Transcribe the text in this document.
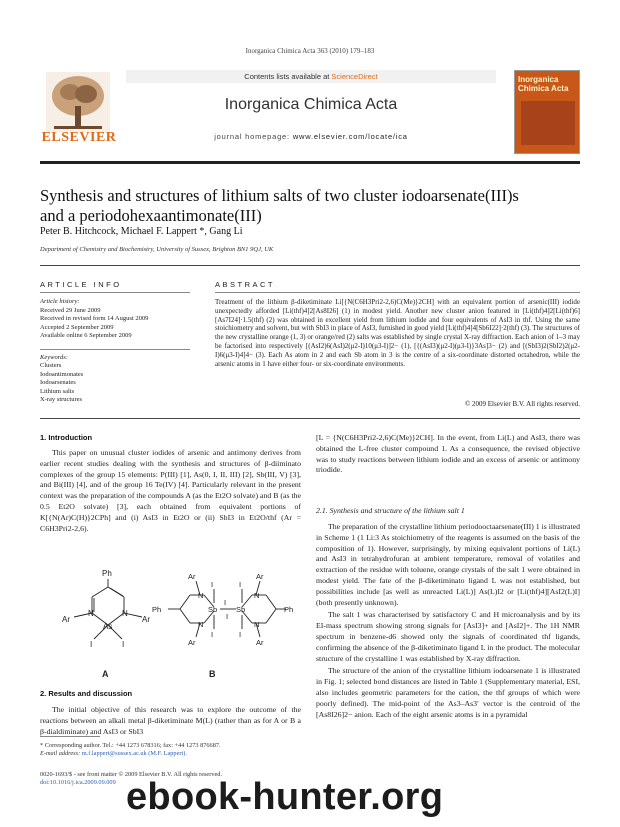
Inorganica Chimica Acta 363 (2010) 179–183
ELSEVIER
Contents lists available at ScienceDirect
Inorganica Chimica Acta
journal homepage: www.elsevier.com/locate/ica
Inorganica Chimica Acta
Synthesis and structures of lithium salts of two cluster iodoarsenate(III)s
and a periodohexaantimonate(III)
Peter B. Hitchcock, Michael F. Lappert *, Gang Li
Department of Chemistry and Biochemistry, University of Sussex, Brighton BN1 9QJ, UK
ARTICLE INFO	ABSTRACT
Article history:
Received 29 June 2009
Received in revised form 14 August 2009
Accepted 2 September 2009
Available online 6 September 2009
Keywords:
Clusters
Iodoantimonates
Iodoarsenates
Lithium salts
X-ray structures
Treatment of the lithium β-diketiminate Li[{N(C6H3Pri2-2,6)C(Me)}2CH] with an equivalent portion of arsenic(III) iodide unexpectedly afforded [Li(thf)4]2[As8I26] (1) in modest yield. Another new cluster anion featured in [Li(thf)4]2[Li(thf)6][As7I24]·1.5(thf) (2) was obtained in excellent yield from lithium iodide and four equivalents of AsI3 in thf. Using the same stoichiometry and solvent, but with SbI3 in place of AsI3, furnished in good yield [Li(thf)4]4[Sb6I22]·2(thf) (3). The structures of the new crystalline orange (1, 3) or orange/red (2) salts was established by single crystal X-ray diffraction. Each anion of 1–3 may be factorised into respectively [(AsI2)6(AsI)2(μ2-I)10(μ3-I)]2− (1), [{(AsI3)(μ2-I)(μ3-I)}3As]3− (2) and [(SbI3)2(SbI2)2(μ2-I)6(μ3-I)4]4− (3). Each As atom in 2 and each Sb atom in 3 is the centre of a six-coordinate distorted octahedron, while the arsenic atoms in 1 have either four- or six-coordinate environments.
© 2009 Elsevier B.V. All rights reserved.
1. Introduction

This paper on unusual cluster iodides of arsenic and antimony derives from earlier recent studies dealing with the synthesis and structures of β-diiminato complexes of the group 15 elements: P(III) [1], As(0, I, II, III) [2], Sb(III, V) [3], and Bi(III) [4], and of the group 16 Te(IV) [4]. Particularly relevant in the present context was the preparation of the compounds A (as the Et2O solvate) and B (as the 0.5 Et2O solvate) [3], each obtained from equivalent portions of K[{N(Ar)C(H)}2CPh] and (i) AsI3 in Et2O or (ii) SbI3 in Et2O/thf (Ar = C6H3Pri2-2,6).

Ph
N	N
As
Ar	Ar
I	I
Ph
N
N
Sb	Sb
N
N
Ph
I	I
I	I
I
I
Ar
Ar
Ar
Ar
A	B
2. Results and discussion

The initial objective of this research was to explore the outcome of the reactions between an alkali metal β-diketiminate M(L) (rather than as for A or B a β-dialdiminate) and AsI3 or SbI3

* Corresponding author. Tel.: +44 1273 678316; fax: +44 1273 876687.
E-mail address: m.f.lappert@sussex.ac.uk (M.F. Lappert).
0020-1693/$ - see front matter © 2009 Elsevier B.V. All rights reserved.
doi:10.1016/j.ica.2009.09.009

[L = {N(C6H3Pri2-2,6)C(Me)}2CH]. In the event, from Li(L) and AsI3, there was obtained the L-free cluster compound 1. As a consequence, the revised objective was to study reactions between lithium iodide and an excess of arsenic or antimony triodide.

2.1. Synthesis and structure of the lithium salt 1

The preparation of the crystalline lithium periodooctaarsenate(III) 1 is illustrated in Scheme 1 (1 Li:3 As stoichiometry of the reagents is assumed on the basis of the composition of 1). However, surprisingly, by mixing equivalent portions of Li(L) and AsI3 in tetrahydrofuran at ambient temperature, removal of volatiles and extraction of the residue with toluene, orange crystals of the salt 1 were obtained in modest yield. The fate of the β-diketiminato ligand L was not established, but possibilities include [as well as unreacted Li(L)] As(L)I2 or [Li(thf)4][AsI2(L)I] (both presently unknown).

The salt 1 was characterised by satisfactory C and H microanalysis and by its EI-mass spectrum showing strong signals for [AsI3]+ and [AsI2]+. The 1H NMR spectrum in benzene-d6 showed only the signals of coordinated thf ligands, confirming the absence of the β-diketiminato ligand L in the product. The molecular structure of the crystalline 1 was established by X-ray diffraction.

The structure of the anion of the crystalline lithium iodoarsenate 1 is illustrated in Fig. 1; selected bond distances are listed in Table 1 (Supplementary material, ESI, also includes geometric parameters for the cation, the thf groups of which were poorly defined). The mid-point of the As3–As3′ vector is the centroid of the [As8I26]2− anion. Each of the eight arsenic atoms is in a pyramidal

ebook-hunter.org
